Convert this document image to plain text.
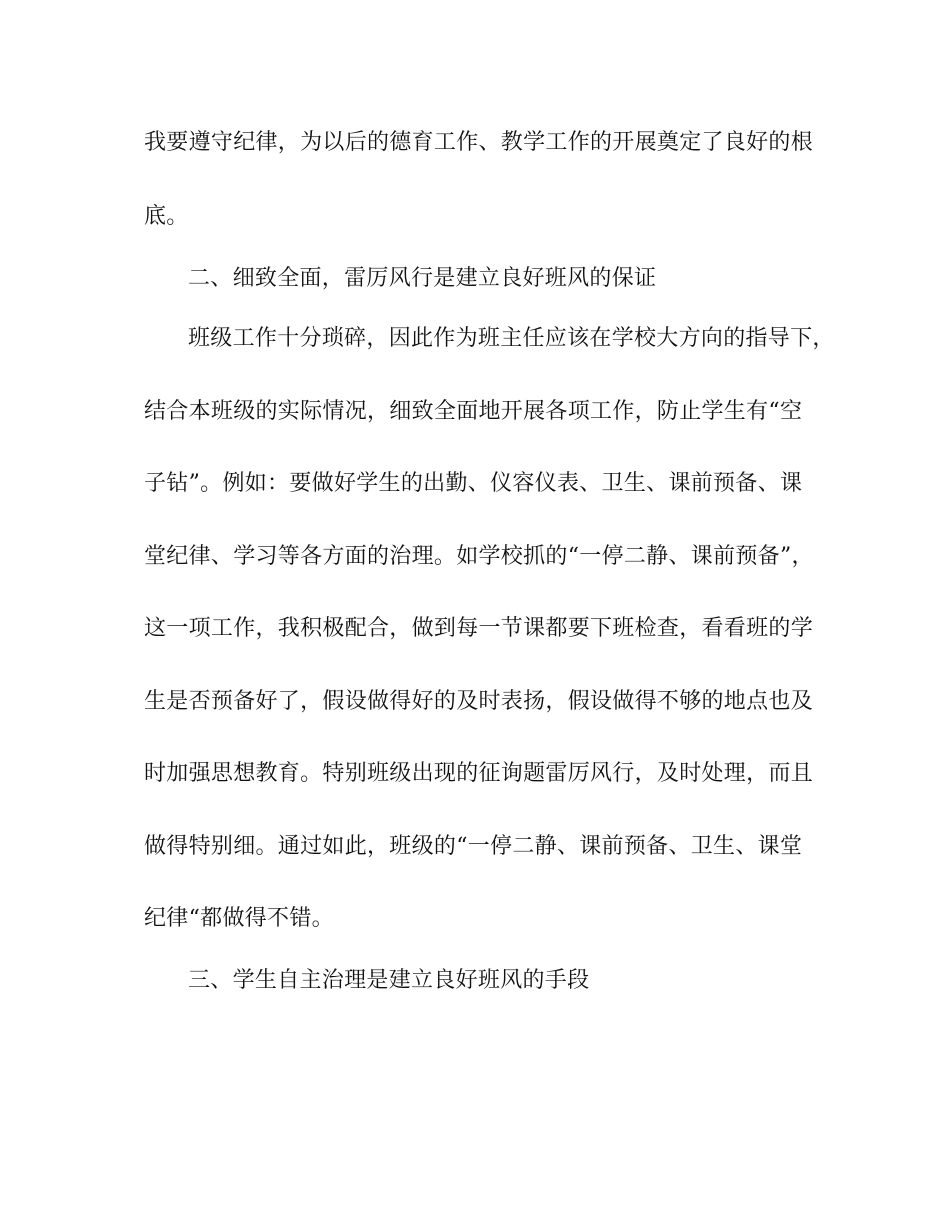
我要遵守纪律，为以后的德育工作、教学工作的开展奠定了良好的根
底。
二、细致全面，雷厉风行是建立良好班风的保证
班级工作十分琐碎，因此作为班主任应该在学校大方向的指导下，
结合本班级的实际情况，细致全面地开展各项工作，防止学生有“空
子钻”。例如：要做好学生的出勤、仪容仪表、卫生、课前预备、课
堂纪律、学习等各方面的治理。如学校抓的“一停二静、课前预备”，
这一项工作，我积极配合，做到每一节课都要下班检查，看看班的学
生是否预备好了，假设做得好的及时表扬，假设做得不够的地点也及
时加强思想教育。特别班级出现的征询题雷厉风行，及时处理，而且
做得特别细。通过如此，班级的“一停二静、课前预备、卫生、课堂
纪律“都做得不错。
三、学生自主治理是建立良好班风的手段
